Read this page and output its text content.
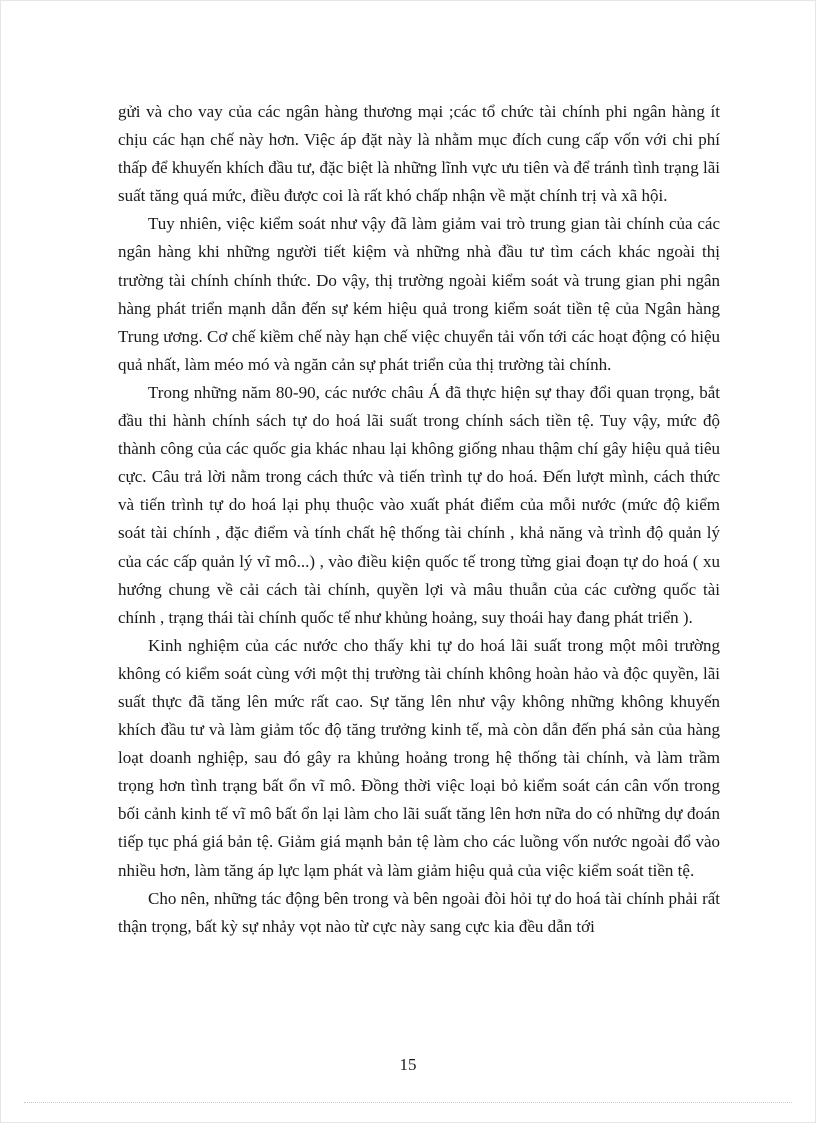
gửi và cho vay của các ngân hàng thương mại ;các tổ chức tài chính phi ngân hàng ít chịu các hạn chế này hơn. Việc áp đặt này là nhằm mục đích cung cấp vốn với chi phí thấp để khuyến khích đầu tư, đặc biệt là những lĩnh vực ưu tiên và để tránh tình trạng lãi suất tăng quá mức, điều được coi là rất khó chấp nhận về mặt chính trị và xã hội.

Tuy nhiên, việc kiểm soát như vậy đã làm giảm vai trò trung gian tài chính của các ngân hàng khi những người tiết kiệm và những nhà đầu tư tìm cách khác ngoài thị trường tài chính chính thức. Do vậy, thị trường ngoài kiểm soát và trung gian phi ngân hàng phát triển mạnh dẫn đến sự kém hiệu quả trong kiểm soát tiền tệ của Ngân hàng Trung ương. Cơ chế kiềm chế này hạn chế việc chuyển tải vốn tới các hoạt động có hiệu quả nhất, làm méo mó và ngăn cản sự phát triển của thị trường tài chính.

Trong những năm 80-90, các nước châu Á đã thực hiện sự thay đổi quan trọng, bắt đầu thi hành chính sách tự do hoá lãi suất trong chính sách tiền tệ. Tuy vậy, mức độ thành công của các quốc gia khác nhau lại không giống nhau thậm chí gây hiệu quả tiêu cực. Câu trả lời nằm trong cách thức và tiến trình tự do hoá. Đến lượt mình, cách thức và tiến trình tự do hoá lại phụ thuộc vào xuất phát điểm của mỗi nước (mức độ kiểm soát tài chính , đặc điểm và tính chất hệ thống tài chính , khả năng và trình độ quản lý của các cấp quản lý vĩ mô...) , vào điều kiện quốc tế trong từng giai đoạn tự do hoá ( xu hướng chung về cải cách tài chính, quyền lợi và mâu thuẫn của các cường quốc tài chính , trạng thái tài chính quốc tế như khủng hoảng, suy thoái hay đang phát triển ).

Kinh nghiệm của các nước cho thấy khi tự do hoá lãi suất trong một môi trường không có kiểm soát cùng với một thị trường tài chính không hoàn hảo và độc quyền, lãi suất thực đã tăng lên mức rất cao. Sự tăng lên như vậy không những không khuyến khích đầu tư và làm giảm tốc độ tăng trưởng kinh tế, mà còn dẫn đến phá sản của hàng loạt doanh nghiệp, sau đó gây ra khủng hoảng trong hệ thống tài chính, và làm trầm trọng hơn tình trạng bất ổn vĩ mô. Đồng thời việc loại bỏ kiểm soát cán cân vốn trong bối cảnh kinh tế vĩ mô bất ổn lại làm cho lãi suất tăng lên hơn nữa do có những dự đoán tiếp tục phá giá bản tệ. Giảm giá mạnh bản tệ làm cho các luồng vốn nước ngoài đổ vào nhiều hơn, làm tăng áp lực lạm phát và làm giảm hiệu quả của việc kiểm soát tiền tệ.

Cho nên, những tác động bên trong và bên ngoài đòi hỏi tự do hoá tài chính phải rất thận trọng, bất kỳ sự nhảy vọt nào từ cực này sang cực kia đều dẫn tới

15
